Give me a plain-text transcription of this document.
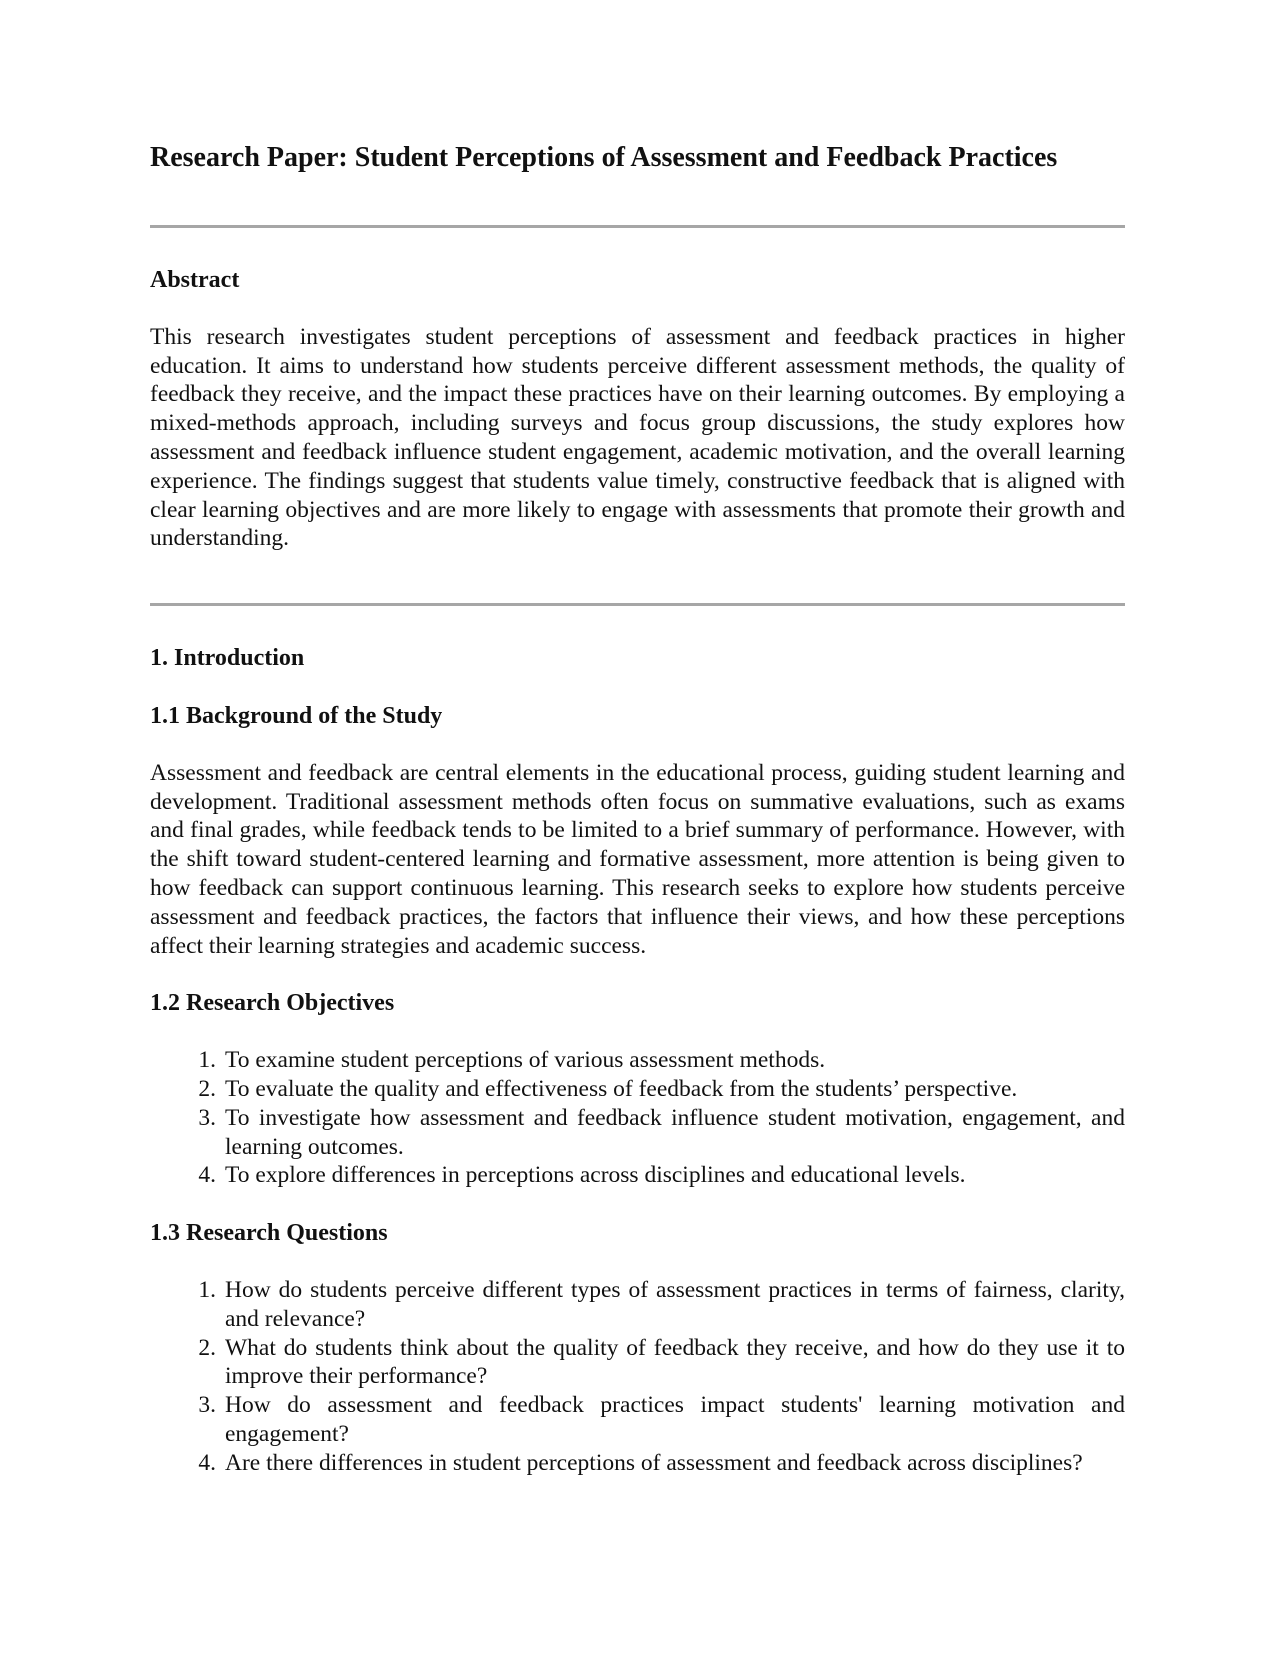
Research Paper: Student Perceptions of Assessment and Feedback Practices
Abstract

This research investigates student perceptions of assessment and feedback practices in higher education. It aims to understand how students perceive different assessment methods, the quality of feedback they receive, and the impact these practices have on their learning outcomes. By employing a mixed-methods approach, including surveys and focus group discussions, the study explores how assessment and feedback influence student engagement, academic motivation, and the overall learning experience. The findings suggest that students value timely, constructive feedback that is aligned with clear learning objectives and are more likely to engage with assessments that promote their growth and understanding.

1. Introduction
1.1 Background of the Study

Assessment and feedback are central elements in the educational process, guiding student learning and development. Traditional assessment methods often focus on summative evaluations, such as exams and final grades, while feedback tends to be limited to a brief summary of performance. However, with the shift toward student-centered learning and formative assessment, more attention is being given to how feedback can support continuous learning. This research seeks to explore how students perceive assessment and feedback practices, the factors that influence their views, and how these perceptions affect their learning strategies and academic success.

1.2 Research Objectives
1. To examine student perceptions of various assessment methods.
2. To evaluate the quality and effectiveness of feedback from the students’ perspective.
3. To investigate how assessment and feedback influence student motivation, engagement, and learning outcomes.
4. To explore differences in perceptions across disciplines and educational levels.
1.3 Research Questions
1. How do students perceive different types of assessment practices in terms of fairness, clarity, and relevance?
2. What do students think about the quality of feedback they receive, and how do they use it to improve their performance?
3. How do assessment and feedback practices impact students' learning motivation and engagement?
4. Are there differences in student perceptions of assessment and feedback across disciplines?
